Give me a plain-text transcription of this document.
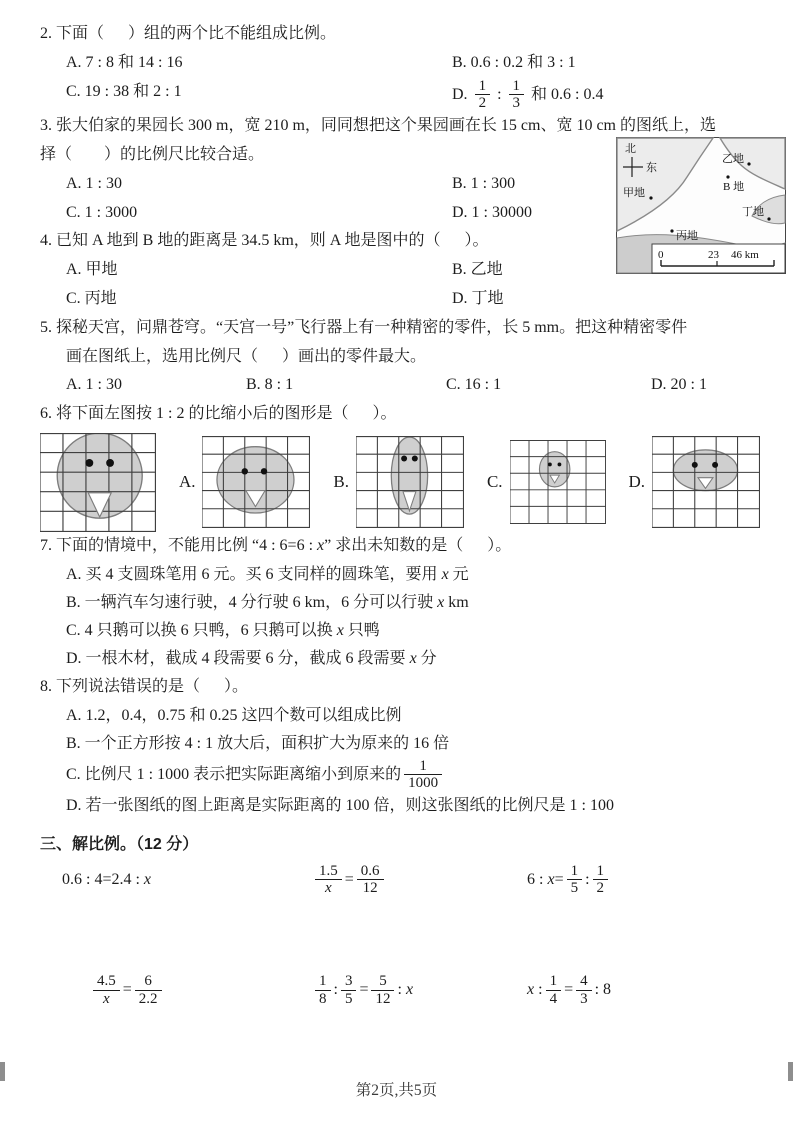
北
东
乙地
甲地	B 地
丁地
丙地
0	23 46 km
2. 下面（      ）组的两个比不能组成比例。
A. 7 : 8 和 14 : 16	B. 0.6 : 0.2 和 3 : 1
C. 19 : 38 和 2 : 1	D. $\frac{1}{2}$ : $\frac{1}{3}$ 和 0.6 : 0.4
3. 张大伯家的果园长 300 m，宽 210 m，同同想把这个果园画在长 15 cm、宽 10 cm 的图纸上，选
择（        ）的比例尺比较合适。
A. 1 : 30	B. 1 : 300
C. 1 : 3000	D. 1 : 30000
4. 已知 A 地到 B 地的距离是 34.5 km，则 A 地是图中的（      ）。
A. 甲地	B. 乙地
C. 丙地	D. 丁地
5. 探秘天宫，问鼎苍穹。“天宫一号”飞行器上有一种精密的零件，长 5 mm。把这种精密零件
画在图纸上，选用比例尺（      ）画出的零件最大。
A. 1 : 30	B. 8 : 1	C. 16 : 1	D. 20 : 1
6. 将下面左图按 1 : 2 的比缩小后的图形是（      ）。
A.	B.	C.	D.
7. 下面的情境中，不能用比例 “4 : 6=6 : x” 求出未知数的是（      ）。
A. 买 4 支圆珠笔用 6 元。买 6 支同样的圆珠笔，要用 x 元
B. 一辆汽车匀速行驶，4 分行驶 6 km，6 分可以行驶 x km
C. 4 只鹅可以换 6 只鸭，6 只鹅可以换 x 只鸭
D. 一根木材，截成 4 段需要 6 分，截成 6 段需要 x 分
8. 下列说法错误的是（      ）。
A. 1.2，0.4，0.75 和 0.25 这四个数可以组成比例
B. 一个正方形按 4 : 1 放大后，面积扩大为原来的 16 倍
C. 比例尺 1 : 1000 表示把实际距离缩小到原来的 $\frac{1}{1000}$
D. 若一张图纸的图上距离是实际距离的 100 倍，则这张图纸的比例尺是 1 : 100
三、解比例。（12 分）
0.6 : 4=2.4 : x	$\frac{1.5}{x} = \frac{0.6}{12}$	6 : $x= \frac{1}{5}$ : $\frac{1}{2}$
$\frac{4.5}{x} = \frac{6}{2.2}$	$\frac{1}{8}$ : $\frac{3}{5} = \frac{5}{12}$ : x	x : $\frac{1}{4} = \frac{4}{3}$ : 8
第2页,共5页
